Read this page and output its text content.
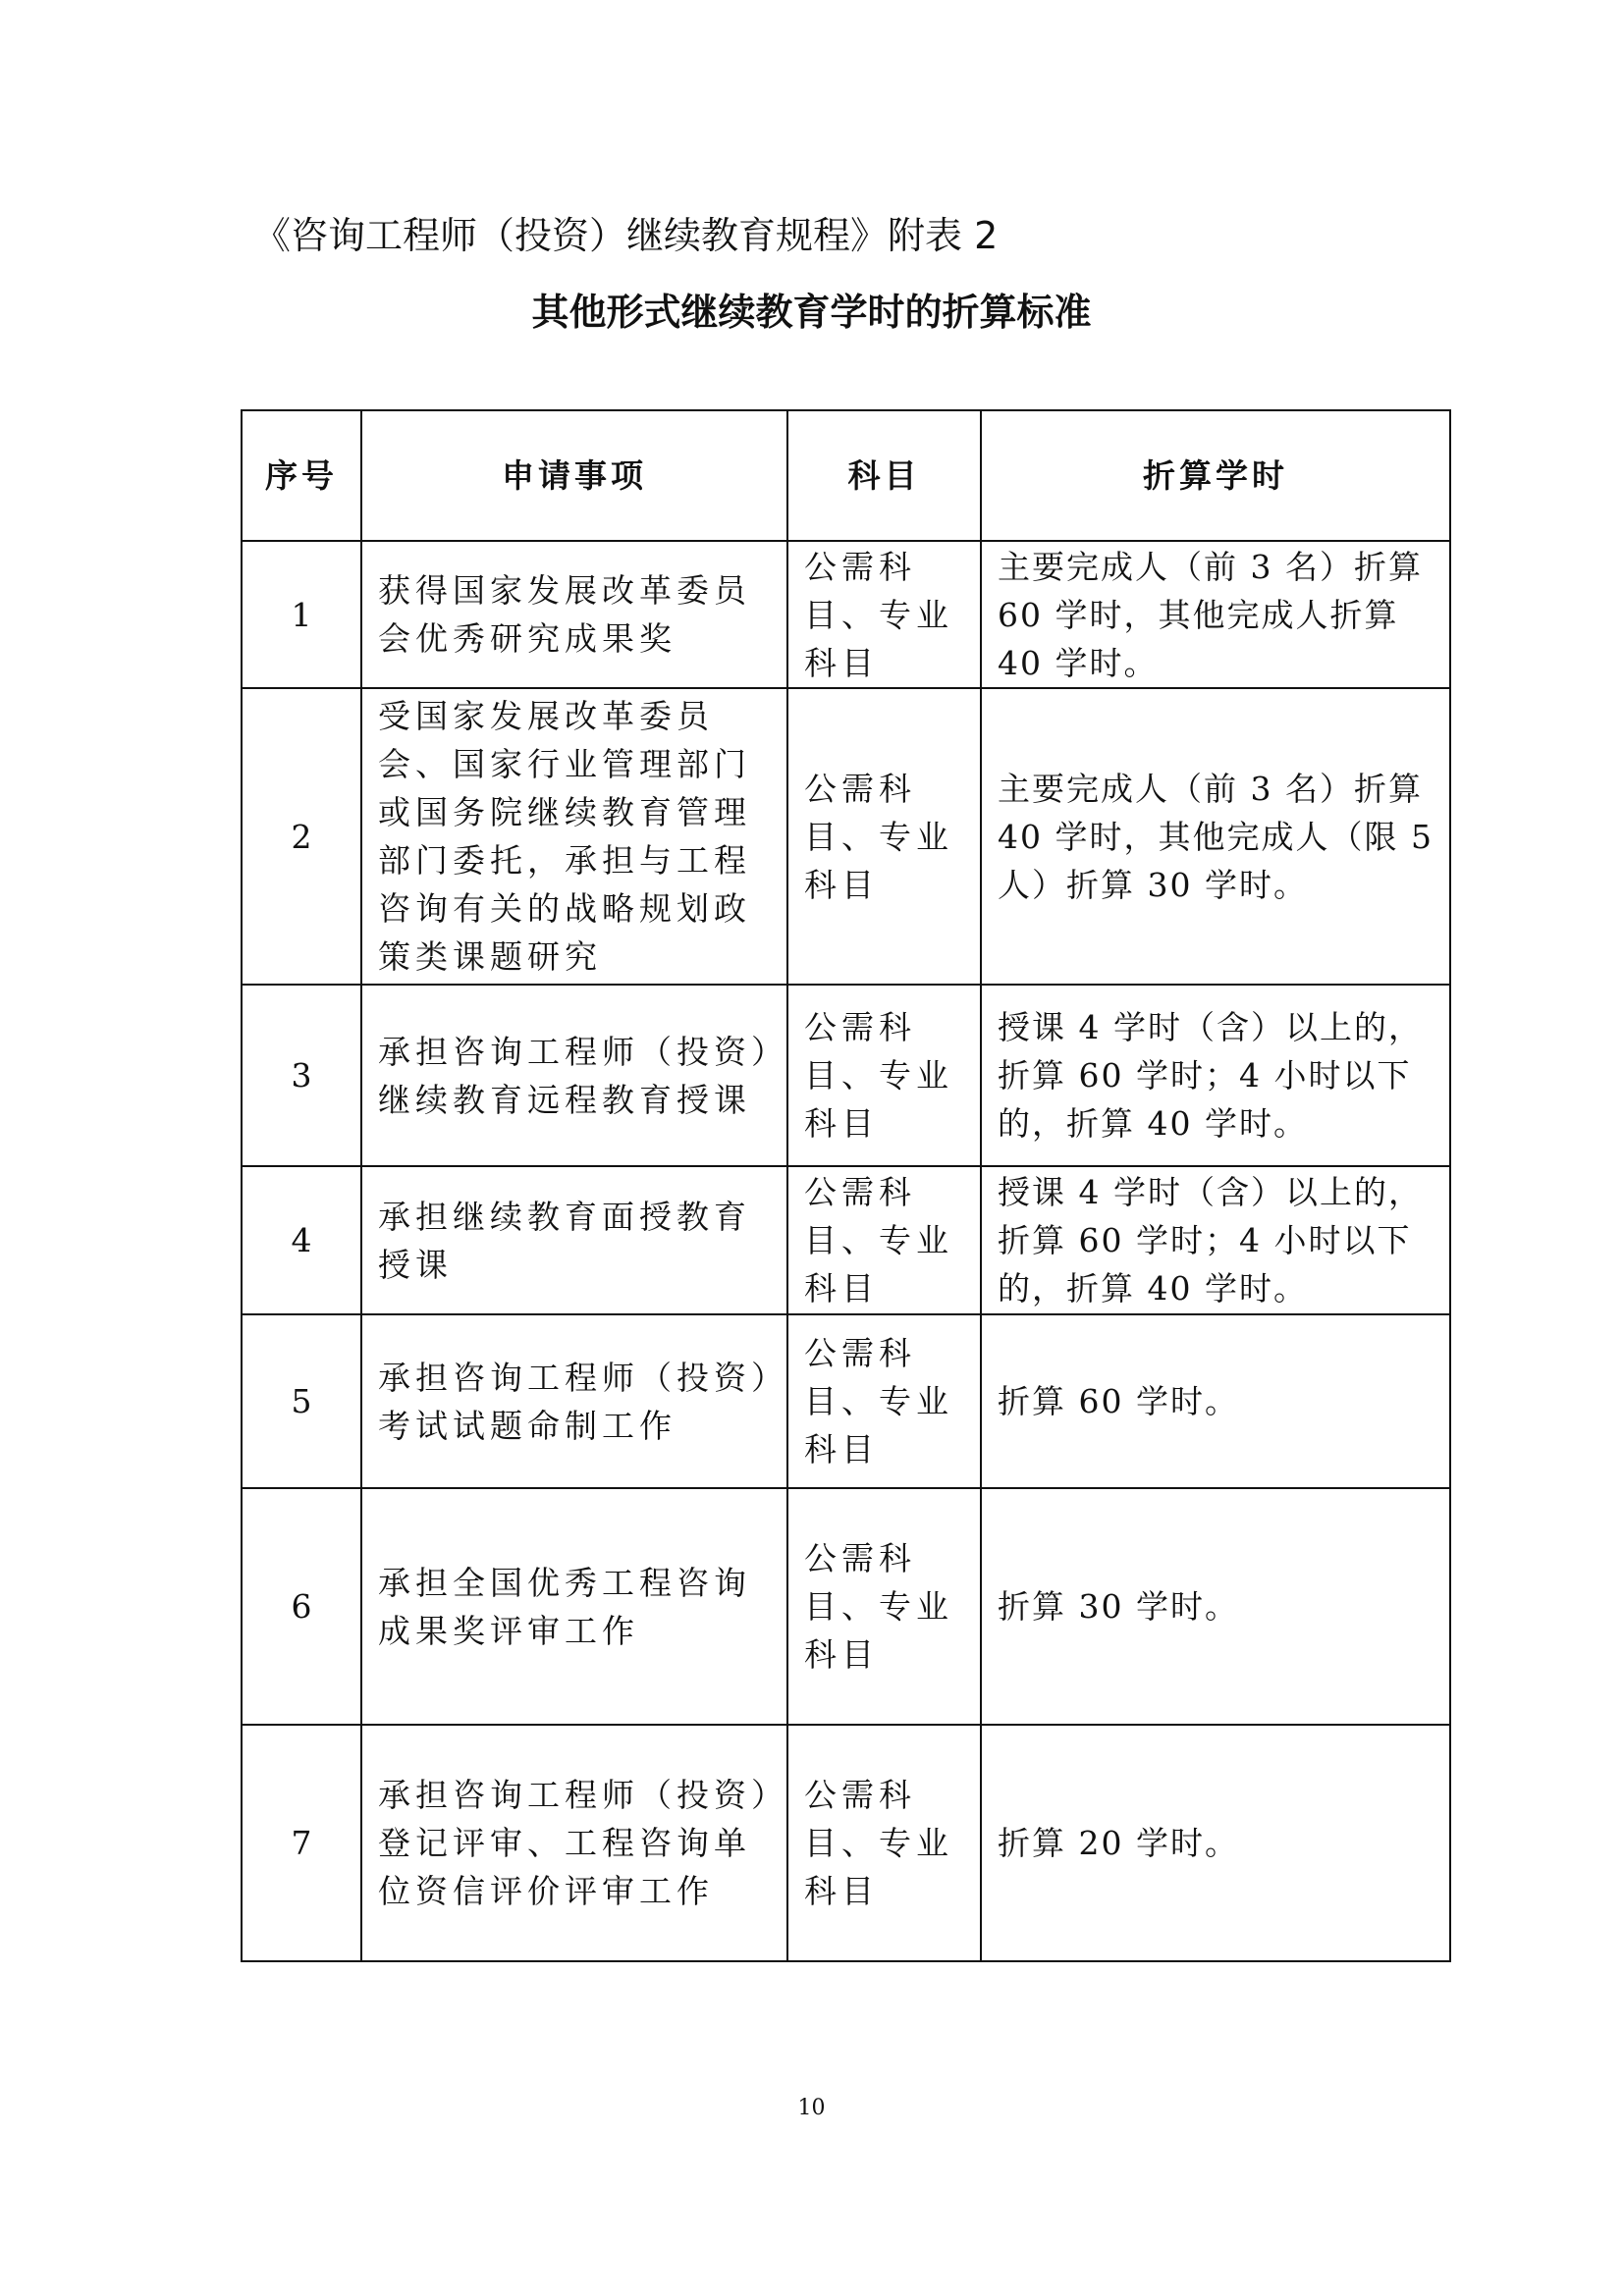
《咨询工程师（投资）继续教育规程》附表 2
其他形式继续教育学时的折算标准
序号	申请事项	科目	折算学时
1	获得国家发展改革委员会优秀研究成果奖	公需科目、专业科目	主要完成人（前 3 名）折算 60 学时，其他完成人折算 40 学时。
2	受国家发展改革委员会、国家行业管理部门或国务院继续教育管理部门委托，承担与工程咨询有关的战略规划政策类课题研究	公需科目、专业科目	主要完成人（前 3 名）折算 40 学时，其他完成人（限 5 人）折算 30 学时。
3	承担咨询工程师（投资）继续教育远程教育授课	公需科目、专业科目	授课 4 学时（含）以上的，折算 60 学时；4 小时以下的，折算 40 学时。
4	承担继续教育面授教育授课	公需科目、专业科目	授课 4 学时（含）以上的，折算 60 学时；4 小时以下的，折算 40 学时。
5	承担咨询工程师（投资）考试试题命制工作	公需科目、专业科目	折算 60 学时。
6	承担全国优秀工程咨询成果奖评审工作	公需科目、专业科目	折算 30 学时。
7	承担咨询工程师（投资）登记评审、工程咨询单位资信评价评审工作	公需科目、专业科目	折算 20 学时。
10
